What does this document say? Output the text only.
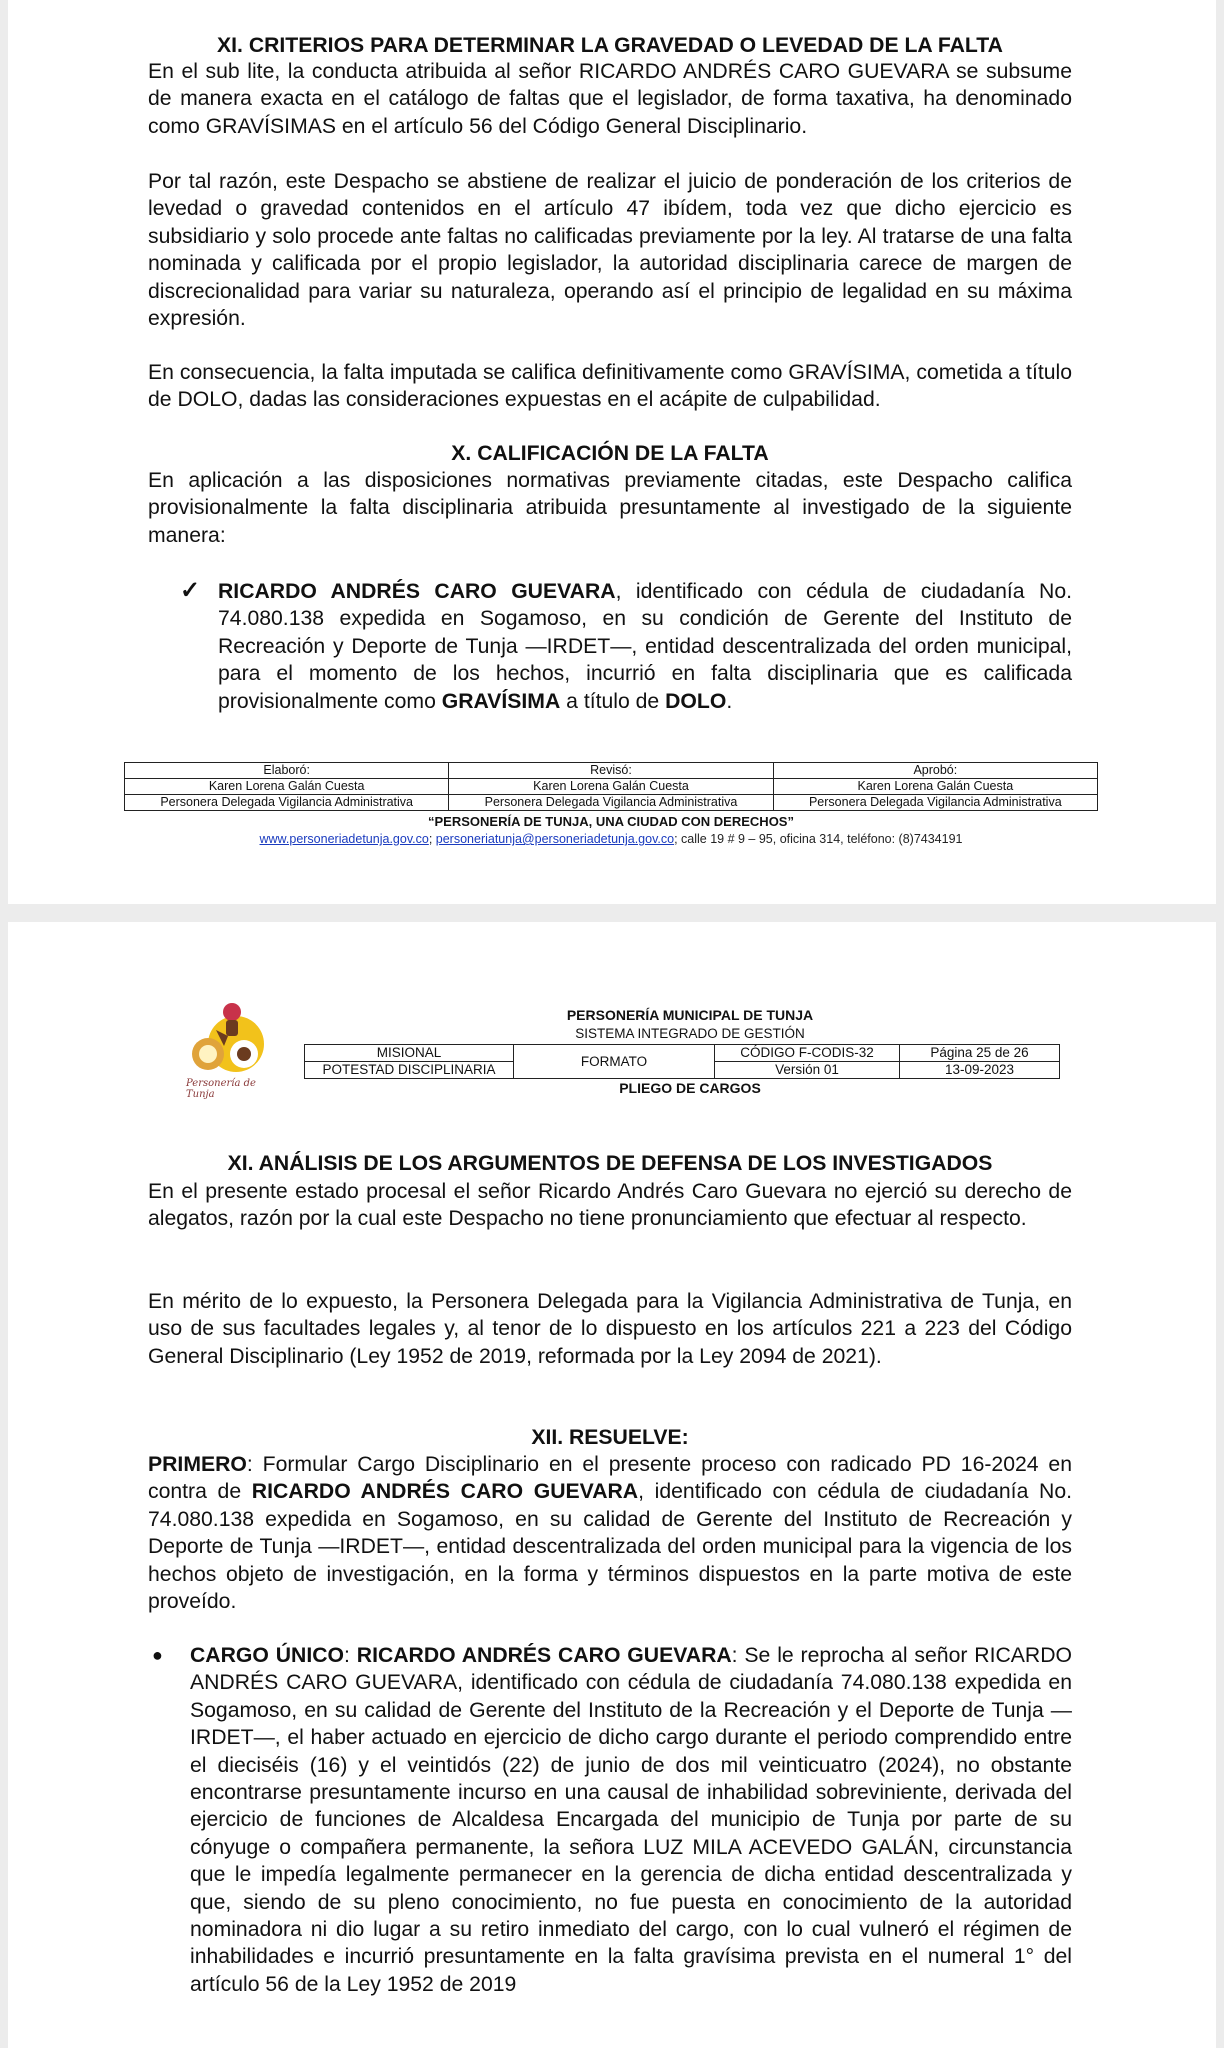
XI. CRITERIOS PARA DETERMINAR LA GRAVEDAD O LEVEDAD DE LA FALTA

En el sub lite, la conducta atribuida al señor RICARDO ANDRÉS CARO GUEVARA se subsume de manera exacta en el catálogo de faltas que el legislador, de forma taxativa, ha denominado como GRAVÍSIMAS en el artículo 56 del Código General Disciplinario.

Por tal razón, este Despacho se abstiene de realizar el juicio de ponderación de los criterios de levedad o gravedad contenidos en el artículo 47 ibídem, toda vez que dicho ejercicio es subsidiario y solo procede ante faltas no calificadas previamente por la ley. Al tratarse de una falta nominada y calificada por el propio legislador, la autoridad disciplinaria carece de margen de discrecionalidad para variar su naturaleza, operando así el principio de legalidad en su máxima expresión.

En consecuencia, la falta imputada se califica definitivamente como GRAVÍSIMA, cometida a título de DOLO, dadas las consideraciones expuestas en el acápite de culpabilidad.

X. CALIFICACIÓN DE LA FALTA

En aplicación a las disposiciones normativas previamente citadas, este Despacho califica provisionalmente la falta disciplinaria atribuida presuntamente al investigado de la siguiente manera:

✓ RICARDO ANDRÉS CARO GUEVARA, identificado con cédula de ciudadanía No. 74.080.138 expedida en Sogamoso, en su condición de Gerente del Instituto de Recreación y Deporte de Tunja —IRDET—, entidad descentralizada del orden municipal, para el momento de los hechos, incurrió en falta disciplinaria que es calificada provisionalmente como GRAVÍSIMA a título de DOLO.

Elaboró:	Revisó:	Aprobó:
Karen Lorena Galán Cuesta	Karen Lorena Galán Cuesta	Karen Lorena Galán Cuesta
Personera Delegada Vigilancia Administrativa	Personera Delegada Vigilancia Administrativa	Personera Delegada Vigilancia Administrativa
“PERSONERÍA DE TUNJA, UNA CIUDAD CON DERECHOS”
www.personeriadetunja.gov.co; personeriatunja@personeriadetunja.gov.co; calle 19 # 9 – 95, oficina 314, teléfono: (8)7434191
Personería de Tunja
PERSONERÍA MUNICIPAL DE TUNJA
SISTEMA INTEGRADO DE GESTIÓN
MISIONAL	FORMATO	CÓDIGO F-CODIS-32	Página 25 de 26
POTESTAD DISCIPLINARIA		Versión 01	13-09-2023
PLIEGO DE CARGOS

XI. ANÁLISIS DE LOS ARGUMENTOS DE DEFENSA DE LOS INVESTIGADOS

En el presente estado procesal el señor Ricardo Andrés Caro Guevara no ejerció su derecho de alegatos, razón por la cual este Despacho no tiene pronunciamiento que efectuar al respecto.

En mérito de lo expuesto, la Personera Delegada para la Vigilancia Administrativa de Tunja, en uso de sus facultades legales y, al tenor de lo dispuesto en los artículos 221 a 223 del Código General Disciplinario (Ley 1952 de 2019, reformada por la Ley 2094 de 2021).

XII. RESUELVE:

PRIMERO: Formular Cargo Disciplinario en el presente proceso con radicado PD 16-2024 en contra de RICARDO ANDRÉS CARO GUEVARA, identificado con cédula de ciudadanía No. 74.080.138 expedida en Sogamoso, en su calidad de Gerente del Instituto de Recreación y Deporte de Tunja —IRDET—, entidad descentralizada del orden municipal para la vigencia de los hechos objeto de investigación, en la forma y términos dispuestos en la parte motiva de este proveído.

● CARGO ÚNICO: RICARDO ANDRÉS CARO GUEVARA: Se le reprocha al señor RICARDO ANDRÉS CARO GUEVARA, identificado con cédula de ciudadanía 74.080.138 expedida en Sogamoso, en su calidad de Gerente del Instituto de la Recreación y el Deporte de Tunja —IRDET—, el haber actuado en ejercicio de dicho cargo durante el periodo comprendido entre el dieciséis (16) y el veintidós (22) de junio de dos mil veinticuatro (2024), no obstante encontrarse presuntamente incurso en una causal de inhabilidad sobreviniente, derivada del ejercicio de funciones de Alcaldesa Encargada del municipio de Tunja por parte de su cónyuge o compañera permanente, la señora LUZ MILA ACEVEDO GALÁN, circunstancia que le impedía legalmente permanecer en la gerencia de dicha entidad descentralizada y que, siendo de su pleno conocimiento, no fue puesta en conocimiento de la autoridad nominadora ni dio lugar a su retiro inmediato del cargo, con lo cual vulneró el régimen de inhabilidades e incurrió presuntamente en la falta gravísima prevista en el numeral 1° del artículo 56 de la Ley 1952 de 2019
